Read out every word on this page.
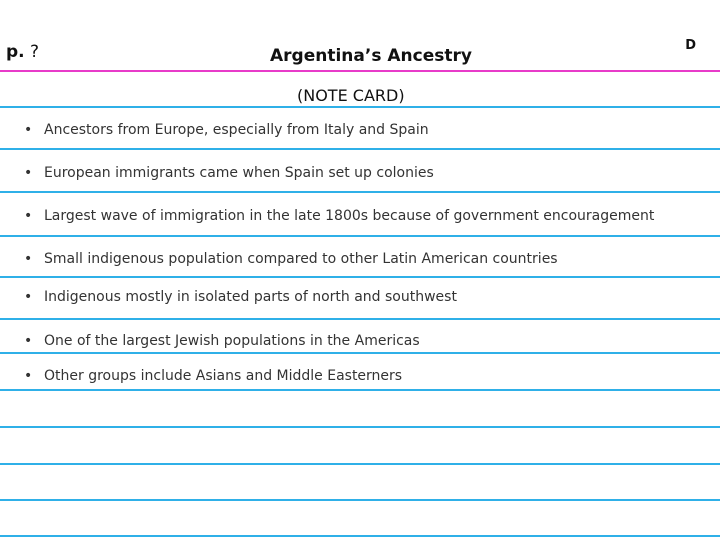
p. ?	Argentina’s Ancestry
D
(NOTE CARD)
• Ancestors from Europe, especially from Italy and Spain
• European immigrants came when Spain set up colonies
• Largest wave of immigration in the late 1800s because of government encouragement
• Small indigenous population compared to other Latin American countries
• Indigenous mostly in isolated parts of north and southwest
• One of the largest Jewish populations in the Americas
• Other groups include Asians and Middle Easterners
